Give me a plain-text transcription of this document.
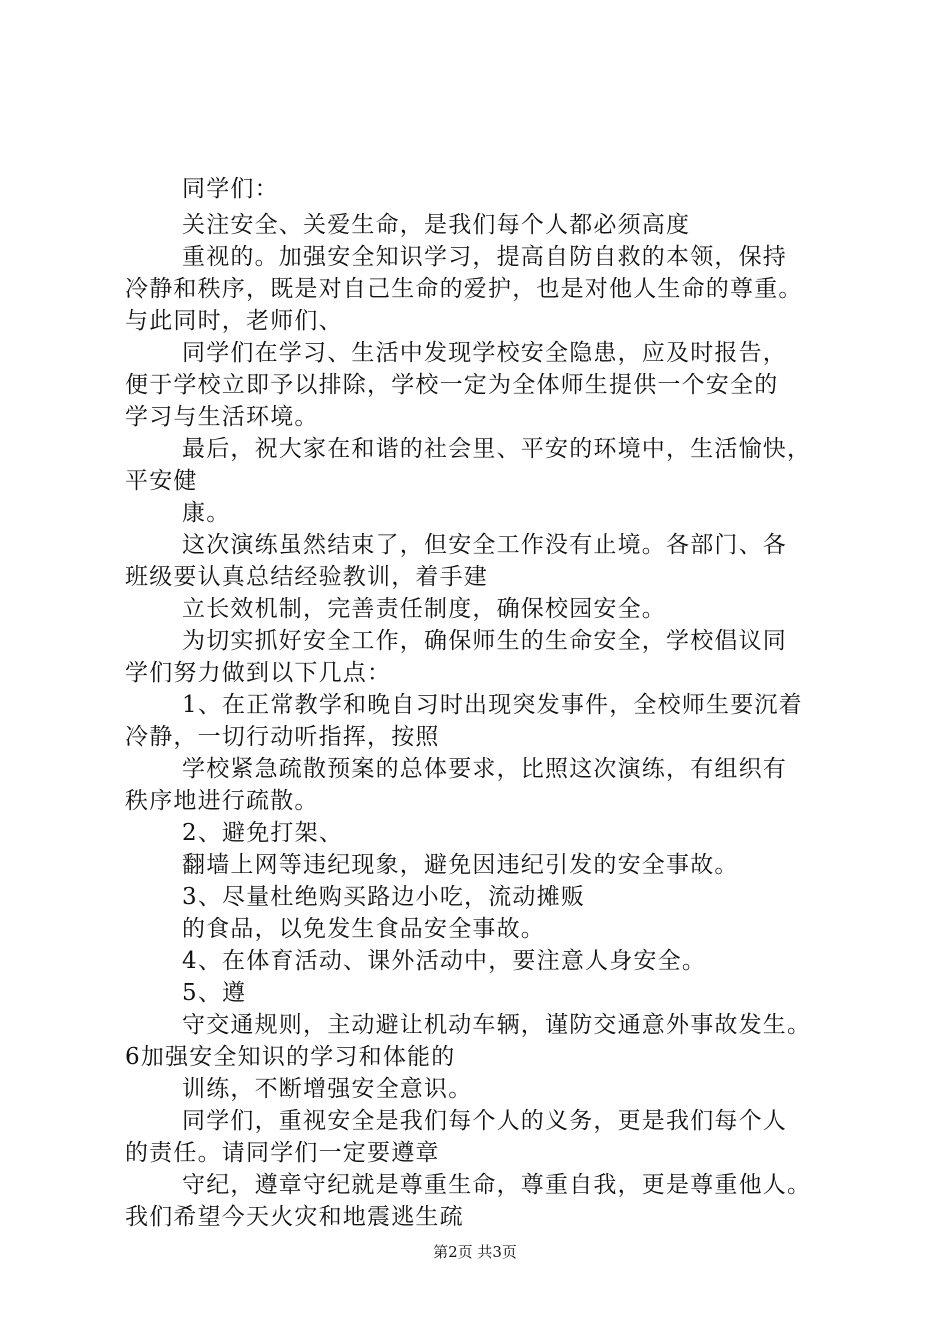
同学们：
关注安全、关爱生命，是我们每个人都必须高度
重视的。加强安全知识学习，提高自防自救的本领，保持
冷静和秩序，既是对自己生命的爱护，也是对他人生命的尊重。
与此同时，老师们、
同学们在学习、生活中发现学校安全隐患，应及时报告，
便于学校立即予以排除，学校一定为全体师生提供一个安全的
学习与生活环境。
最后，祝大家在和谐的社会里、平安的环境中，生活愉快，
平安健
康。
这次演练虽然结束了，但安全工作没有止境。各部门、各
班级要认真总结经验教训，着手建
立长效机制，完善责任制度，确保校园安全。
为切实抓好安全工作，确保师生的生命安全，学校倡议同
学们努力做到以下几点：
1、在正常教学和晚自习时出现突发事件，全校师生要沉着
冷静，一切行动听指挥，按照
学校紧急疏散预案的总体要求，比照这次演练，有组织有
秩序地进行疏散。
2、避免打架、
翻墙上网等违纪现象，避免因违纪引发的安全事故。
3、尽量杜绝购买路边小吃，流动摊贩
的食品，以免发生食品安全事故。
4、在体育活动、课外活动中，要注意人身安全。
5、遵
守交通规则，主动避让机动车辆，谨防交通意外事故发生。
6加强安全知识的学习和体能的
训练，不断增强安全意识。
同学们，重视安全是我们每个人的义务，更是我们每个人
的责任。请同学们一定要遵章
守纪，遵章守纪就是尊重生命，尊重自我，更是尊重他人。
我们希望今天火灾和地震逃生疏
第2页 共3页
